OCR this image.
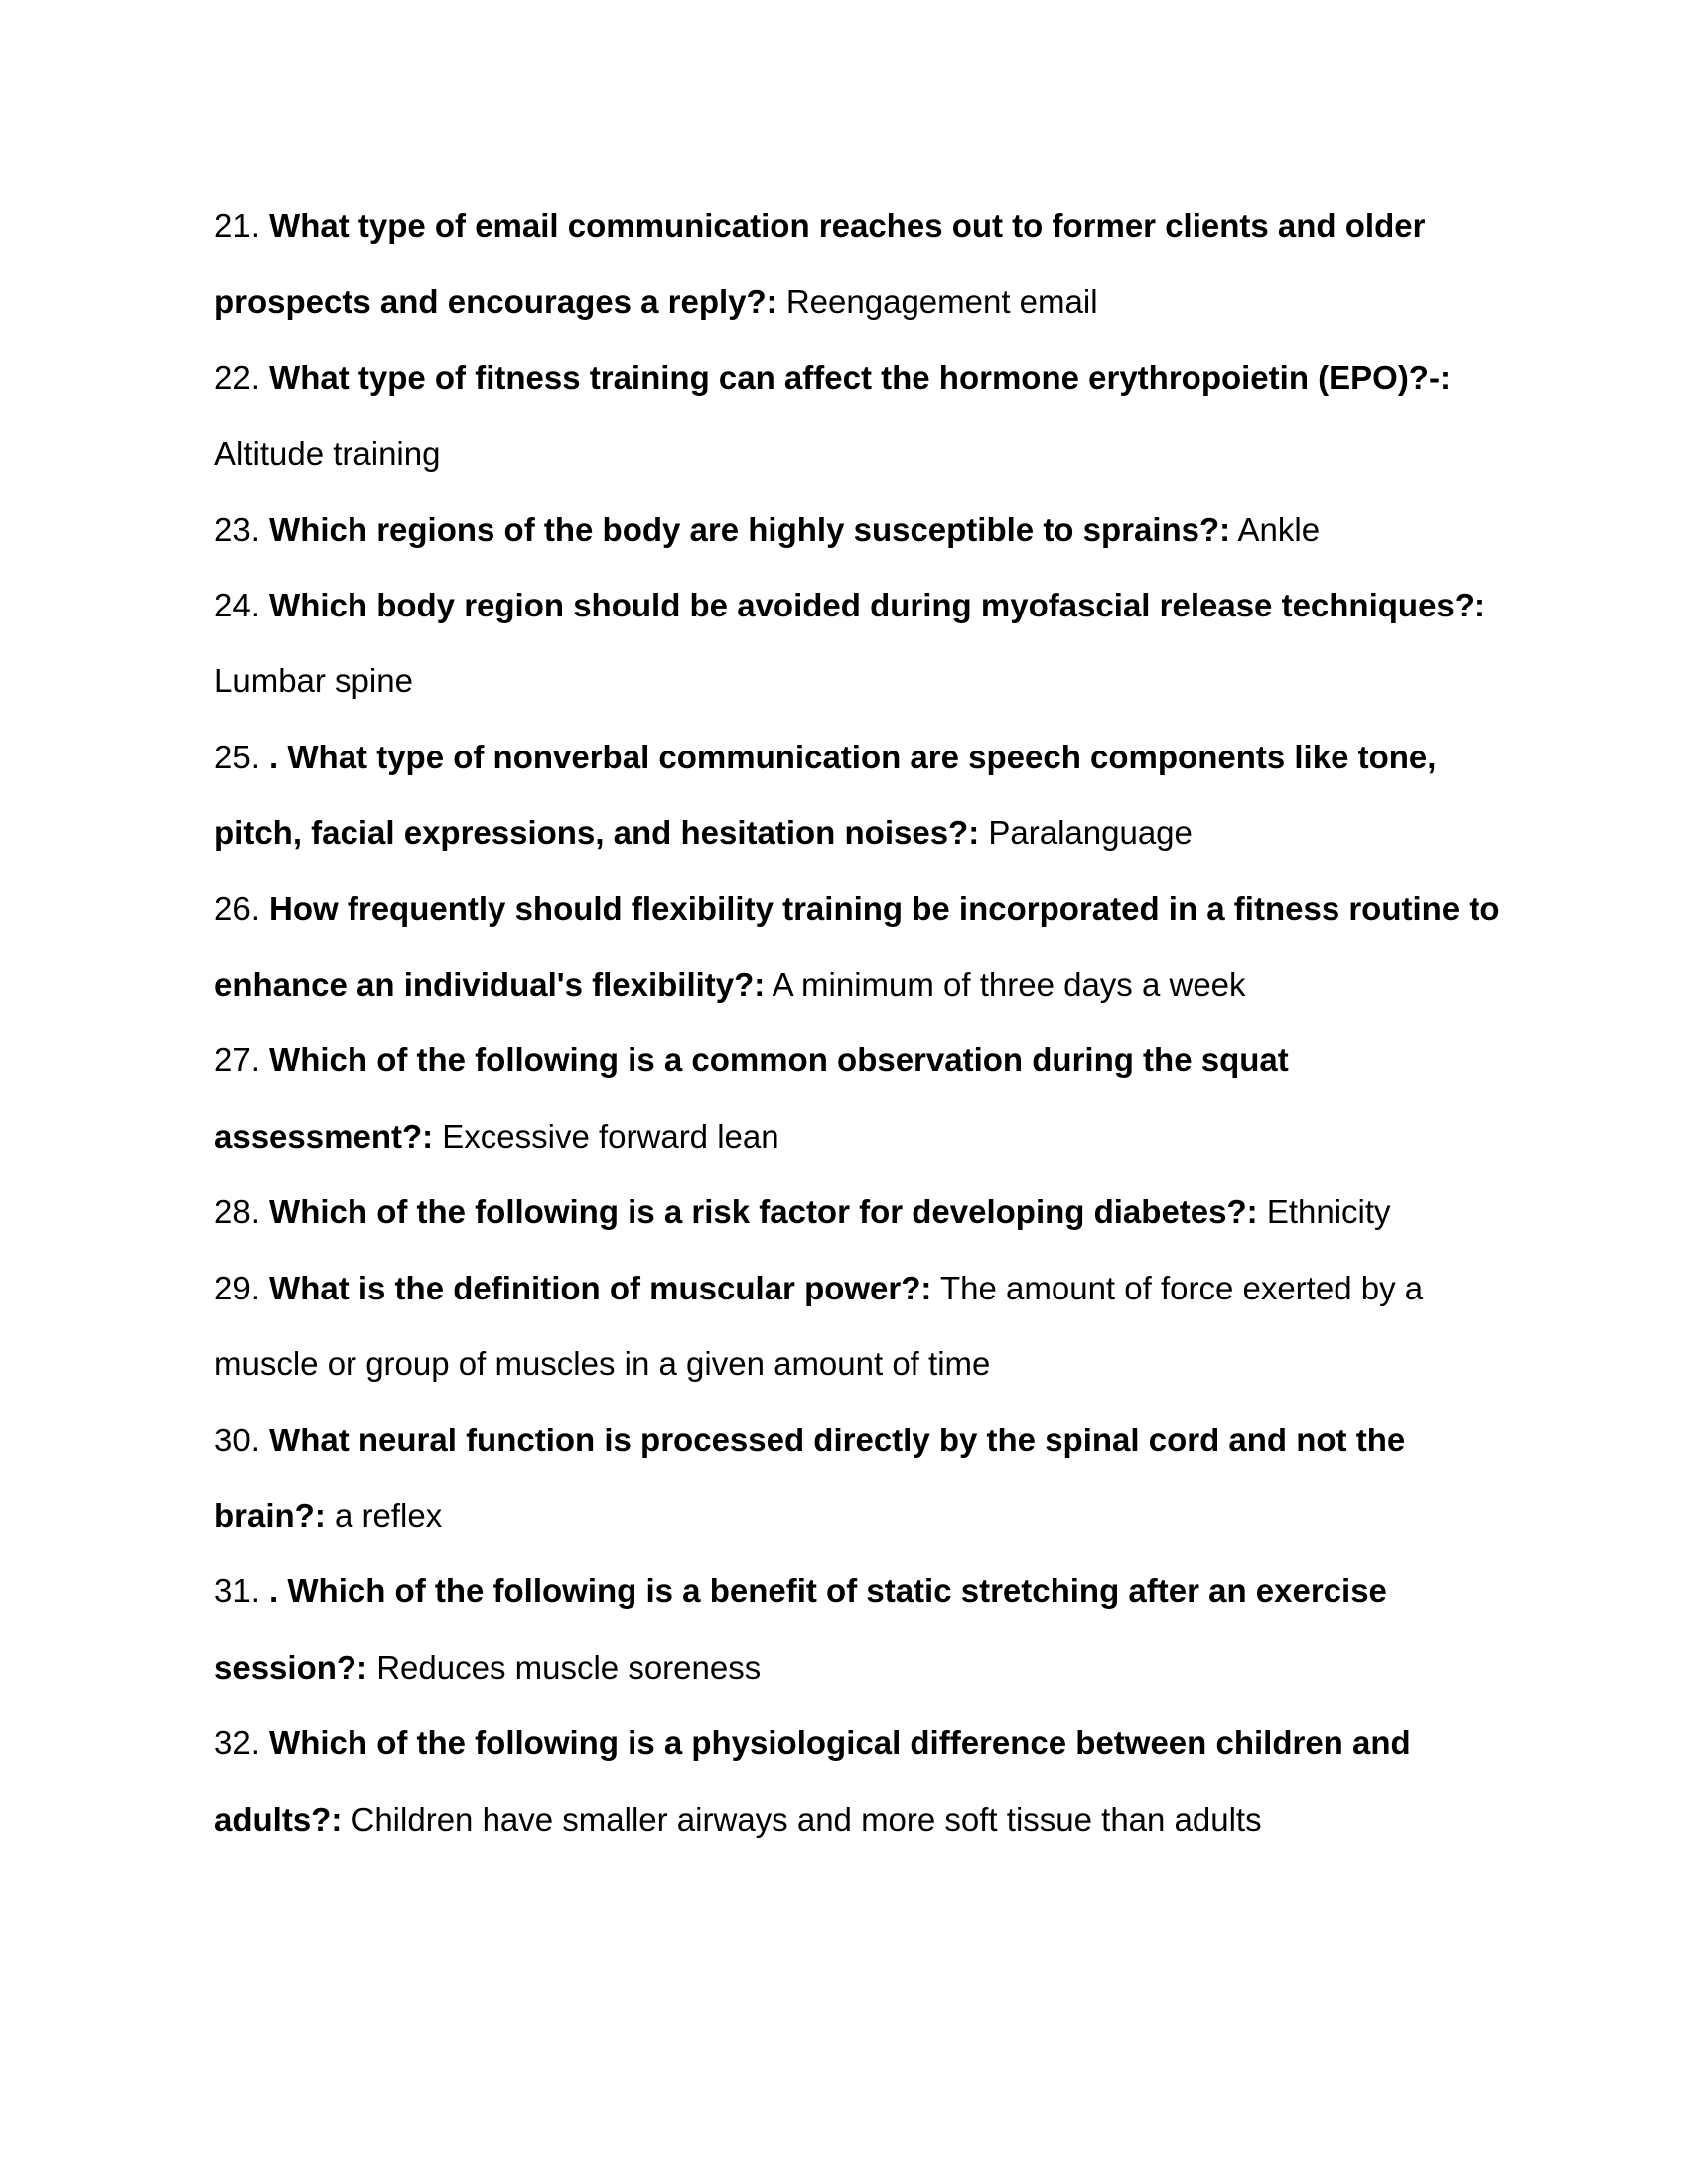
21. What type of email communication reaches out to former clients and older prospects and encourages a reply?: Reengagement email

22. What type of fitness training can affect the hormone erythropoietin (EPO)?-: Altitude training

23. Which regions of the body are highly susceptible to sprains?: Ankle

24. Which body region should be avoided during myofascial release techniques?: Lumbar spine

25. . What type of nonverbal communication are speech components like tone, pitch, facial expressions, and hesitation noises?: Paralanguage

26. How frequently should flexibility training be incorporated in a fitness routine to enhance an individual's flexibility?: A minimum of three days a week

27. Which of the following is a common observation during the squat assessment?: Excessive forward lean

28. Which of the following is a risk factor for developing diabetes?: Ethnicity

29. What is the definition of muscular power?: The amount of force exerted by a muscle or group of muscles in a given amount of time

30. What neural function is processed directly by the spinal cord and not the brain?: a reflex

31. . Which of the following is a benefit of static stretching after an exercise session?: Reduces muscle soreness

32. Which of the following is a physiological difference between children and adults?: Children have smaller airways and more soft tissue than adults
